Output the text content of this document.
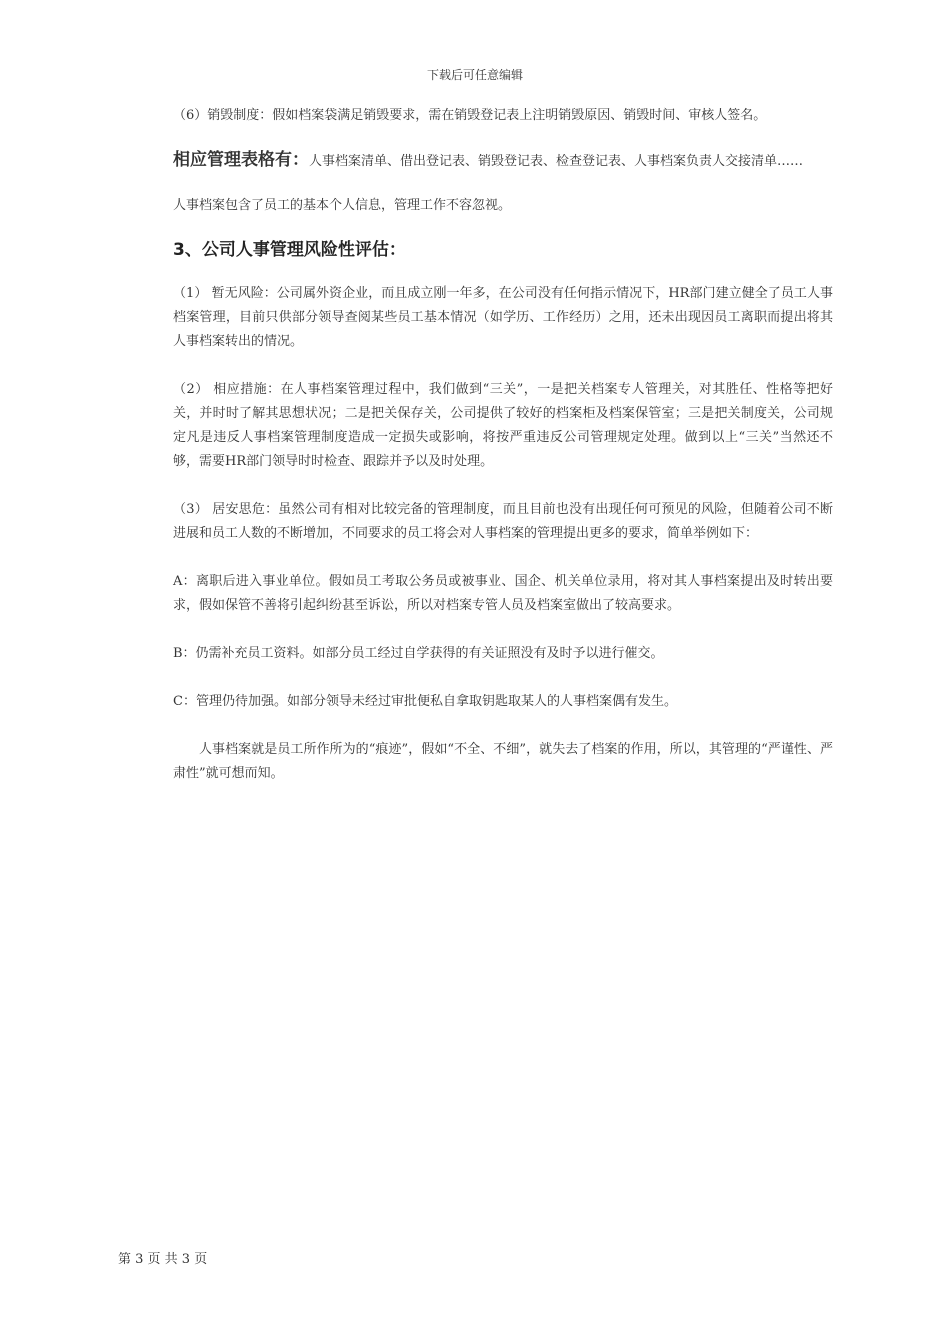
下载后可任意编辑

（6）销毁制度：假如档案袋满足销毁要求，需在销毁登记表上注明销毁原因、销毁时间、审核人签名。

相应管理表格有：人事档案清单、借出登记表、销毁登记表、检查登记表、人事档案负责人交接清单……

人事档案包含了员工的基本个人信息，管理工作不容忽视。

3、公司人事管理风险性评估：

（1） 暂无风险：公司属外资企业，而且成立刚一年多，在公司没有任何指示情况下，HR部门建立健全了员工人事档案管理，目前只供部分领导查阅某些员工基本情况（如学历、工作经历）之用，还未出现因员工离职而提出将其人事档案转出的情况。

（2） 相应措施：在人事档案管理过程中，我们做到“三关”，一是把关档案专人管理关，对其胜任、性格等把好关，并时时了解其思想状况；二是把关保存关，公司提供了较好的档案柜及档案保管室；三是把关制度关，公司规定凡是违反人事档案管理制度造成一定损失或影响，将按严重违反公司管理规定处理。做到以上“三关”当然还不够，需要HR部门领导时时检查、跟踪并予以及时处理。

（3） 居安思危：虽然公司有相对比较完备的管理制度，而且目前也没有出现任何可预见的风险，但随着公司不断进展和员工人数的不断增加，不同要求的员工将会对人事档案的管理提出更多的要求，简单举例如下：

A：离职后进入事业单位。假如员工考取公务员或被事业、国企、机关单位录用，将对其人事档案提出及时转出要求，假如保管不善将引起纠纷甚至诉讼，所以对档案专管人员及档案室做出了较高要求。

B：仍需补充员工资料。如部分员工经过自学获得的有关证照没有及时予以进行催交。

C：管理仍待加强。如部分领导未经过审批便私自拿取钥匙取某人的人事档案偶有发生。

人事档案就是员工所作所为的“痕迹”，假如“不全、不细”，就失去了档案的作用，所以，其管理的“严谨性、严肃性”就可想而知。

第 3 页 共 3 页
